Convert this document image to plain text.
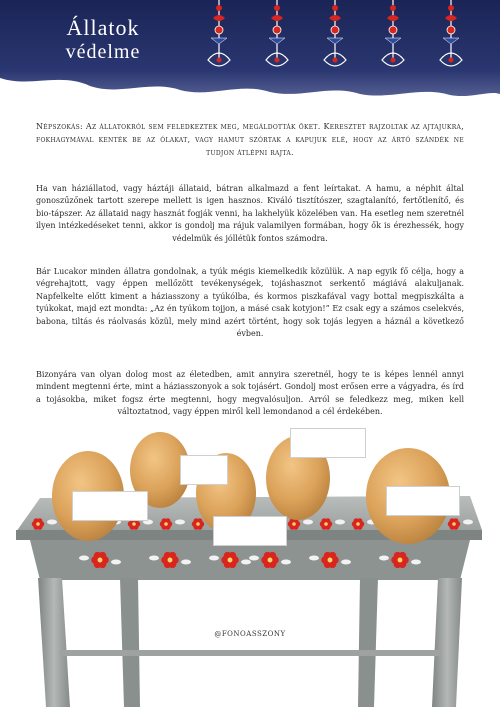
Állatok
védelme
Népszokás: Az állatokról sem feledkeztek meg, megáldották őket. Keresztet rajzoltak az ajtajukra, fokhagymával kenték be az ólakat, vagy hamut szórtak a kapujuk elé, hogy az ártó szándék ne tudjon átlépni rajta.
Ha van háziállatod, vagy háztáji állataid, bátran alkalmazd a fent leírtakat. A hamu, a néphit által gonoszűzőnek tartott szerepe mellett is igen hasznos. Kiváló tisztítószer, szagtalanító, fertőtlenítő, és bio-tápszer. Az állataid nagy hasznát fogják venni, ha lakhelyük közelében van. Ha esetleg nem szeretnél ilyen intézkedéseket tenni, akkor is gondolj ma rájuk valamilyen formában, hogy ők is érezhessék, hogy védelmük és jóllétük fontos számodra.
Bár Lucakor minden állatra gondolnak, a tyúk mégis kiemelkedik közülük. A nap egyik fő célja, hogy a végrehajtott, vagy éppen mellőzött tevékenységek, tojáshasznot serkentő mágiává alakuljanak. Napfelkelte előtt kiment a háziasszony a tyúkólba, és kormos piszkafával vagy bottal megpiszkálta a tyúkokat, majd ezt mondta: „Az én tyúkom tojjon, a másé csak kotyjon!” Ez csak egy a számos cselekvés, babona, tiltás és ráolvasás közül, mely mind azért történt, hogy sok tojás legyen a háznál a következő évben.
Bizonyára van olyan dolog most az életedben, amit annyira szeretnél, hogy te is képes lennél annyi mindent megtenni érte, mint a háziasszonyok a sok tojásért. Gondolj most erősen erre a vágyadra, és írd a tojásokba, miket fogsz érte megtenni, hogy megvalósuljon. Arról se feledkezz meg, miken kell változtatnod, vagy éppen miről kell lemondanod a cél érdekében.
@FONOASSZONY
